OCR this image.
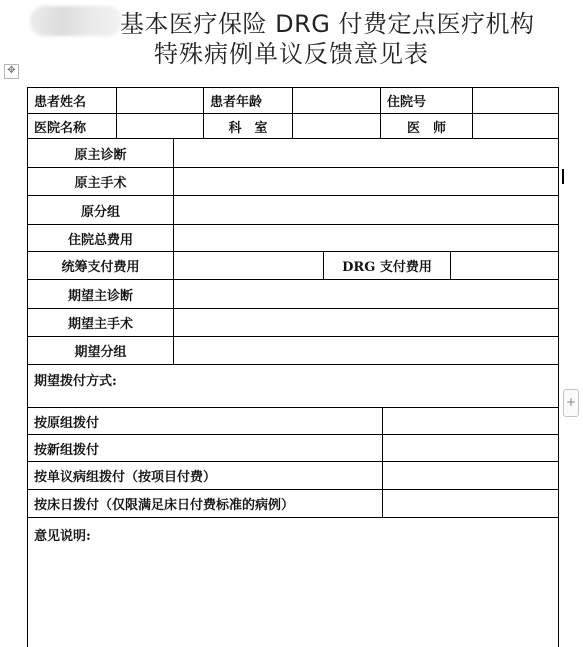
基本医疗保险 DRG 付费定点医疗机构
特殊病例单议反馈意见表
✥
+
患者姓名	患者年龄	住院号
医院名称	科　室	医　师
原主诊断
原主手术
原分组
住院总费用
统筹支付费用	DRG 支付费用
期望主诊断
期望主手术
期望分组
期望拨付方式:
按原组拨付
按新组拨付
按单议病组拨付（按项目付费）
按床日拨付（仅限满足床日付费标准的病例）
意见说明:
